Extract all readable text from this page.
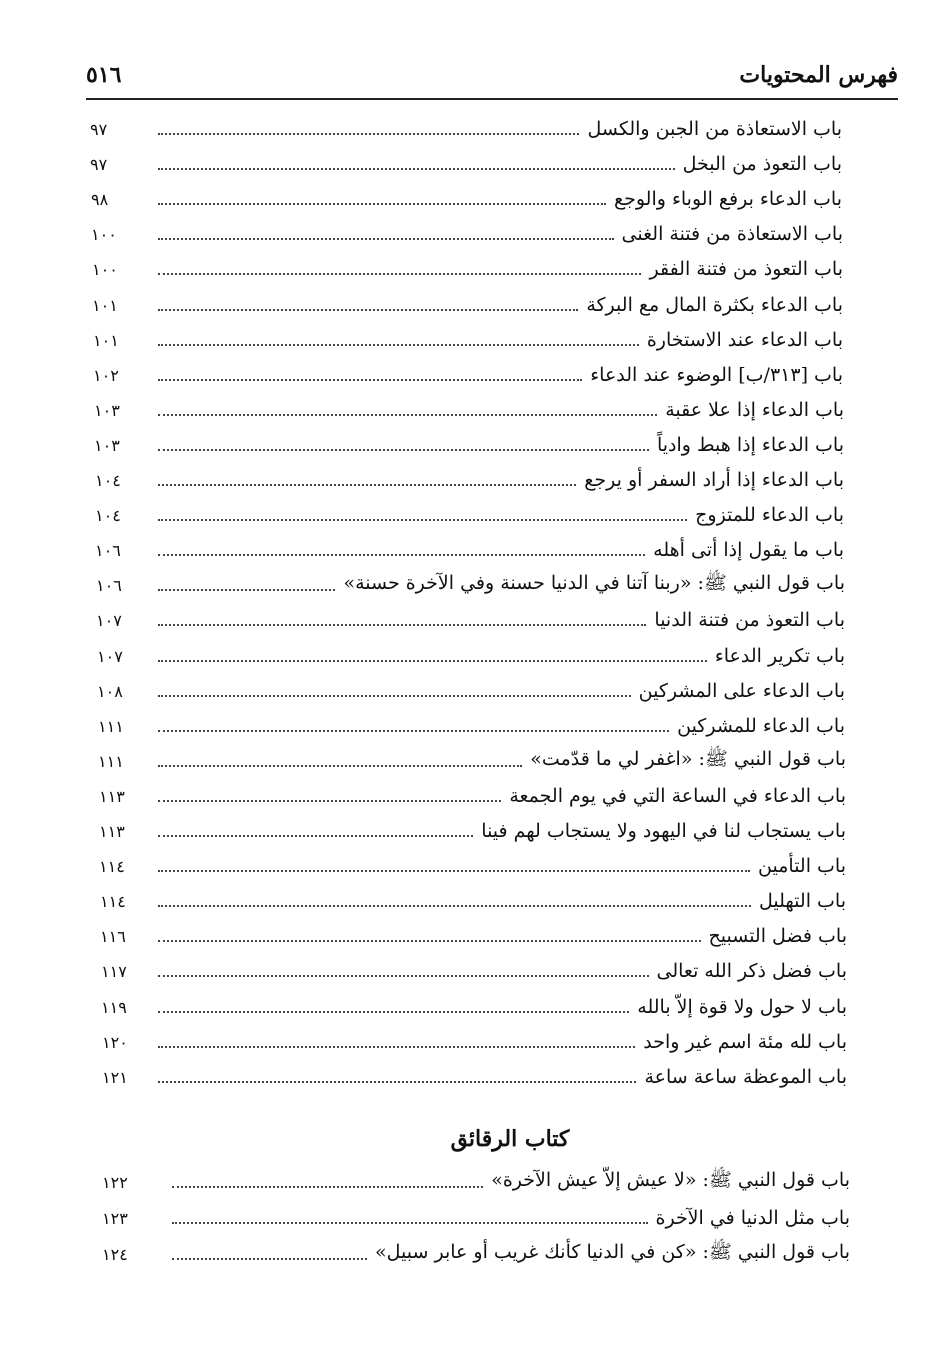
٥١٦	فهرس المحتويات
باب الاستعاذة من الجبن والكسل
٩٧
باب التعوذ من البخل
٩٧
باب الدعاء برفع الوباء والوجع
٩٨
باب الاستعاذة من فتنة الغنى
١٠٠
باب التعوذ من فتنة الفقر
١٠٠
باب الدعاء بكثرة المال مع البركة
١٠١
باب الدعاء عند الاستخارة
١٠١
باب [٣١٣/ب] الوضوء عند الدعاء
١٠٢
باب الدعاء إذا علا عقبة
١٠٣
باب الدعاء إذا هبط وادياً
١٠٣
باب الدعاء إذا أراد السفر أو يرجع
١٠٤
باب الدعاء للمتزوج
١٠٤
باب ما يقول إذا أتى أهله
١٠٦
باب قول النبي ﷺ: «ربنا آتنا في الدنيا حسنة وفي الآخرة حسنة»
١٠٦
باب التعوذ من فتنة الدنيا
١٠٧
باب تكرير الدعاء
١٠٧
باب الدعاء على المشركين
١٠٨
باب الدعاء للمشركين
١١١
باب قول النبي ﷺ: «اغفر لي ما قدّمت»
١١١
باب الدعاء في الساعة التي في يوم الجمعة
١١٣
باب يستجاب لنا في اليهود ولا يستجاب لهم فينا
١١٣
باب التأمين
١١٤
باب التهليل
١١٤
باب فضل التسبيح
١١٦
باب فضل ذكر الله تعالى
١١٧
باب لا حول ولا قوة إلاّ بالله
١١٩
باب لله مئة اسم غير واحد
١٢٠
باب الموعظة ساعة ساعة
١٢١
باب قول النبي ﷺ: «لا عيش إلاّ عيش الآخرة»
١٢٢
باب مثل الدنيا في الآخرة
١٢٣
باب قول النبي ﷺ: «كن في الدنيا كأنك غريب أو عابر سبيل»
١٢٤
كتاب الرقائق
